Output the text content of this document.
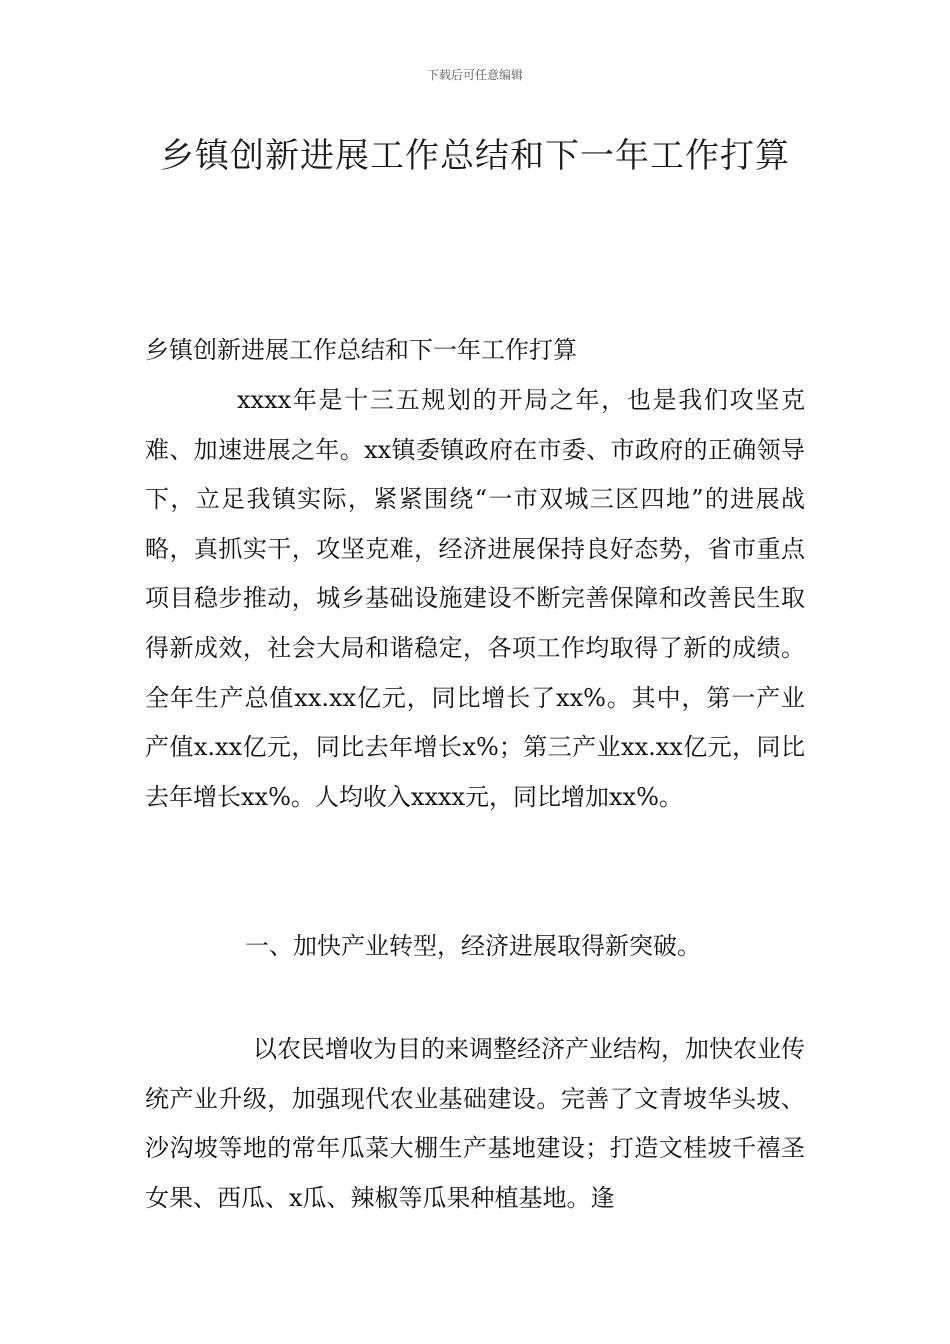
下载后可任意编辑
乡镇创新进展工作总结和下一年工作打算
乡镇创新进展工作总结和下一年工作打算
xxxx年是十三五规划的开局之年，也是我们攻坚克难、加速进展之年。xx镇委镇政府在市委、市政府的正确领导下，立足我镇实际，紧紧围绕“一市双城三区四地”的进展战略，真抓实干，攻坚克难，经济进展保持良好态势，省市重点项目稳步推动，城乡基础设施建设不断完善保障和改善民生取得新成效，社会大局和谐稳定，各项工作均取得了新的成绩。全年生产总值xx.xx亿元，同比增长了xx%。其中，第一产业产值x.xx亿元，同比去年增长x%；第三产业xx.xx亿元，同比去年增长xx%。人均收入xxxx元，同比增加xx%。
一、加快产业转型，经济进展取得新突破。
以农民增收为目的来调整经济产业结构，加快农业传统产业升级，加强现代农业基础建设。完善了文青坡华头坡、沙沟坡等地的常年瓜菜大棚生产基地建设；打造文桂坡千禧圣女果、西瓜、x瓜、辣椒等瓜果种植基地。逢
